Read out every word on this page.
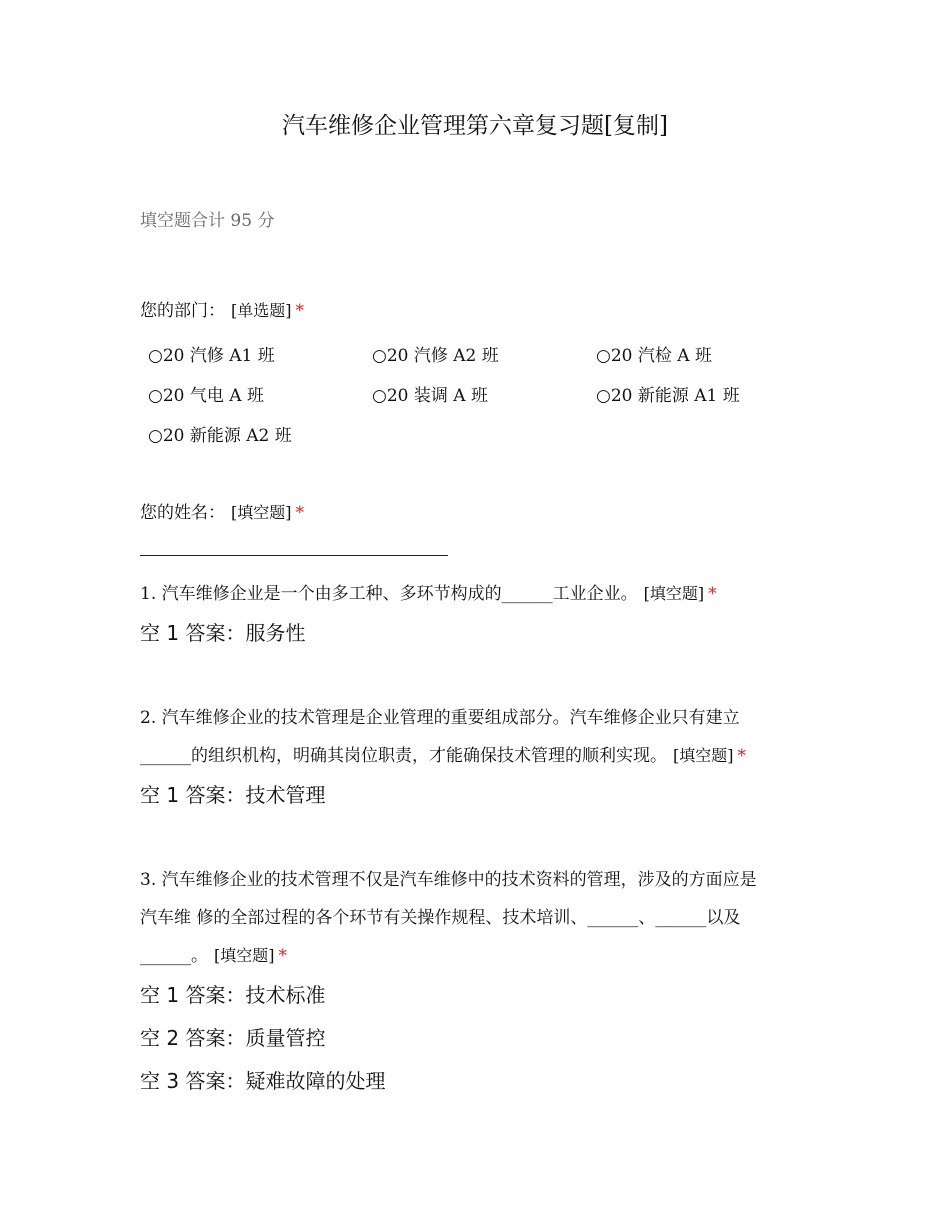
汽车维修企业管理第六章复习题[复制]
填空题合计 95 分
您的部门： [单选题] *
○20 汽修 A1 班	○20 汽修 A2 班	○20 汽检 A 班
○20 气电 A 班	○20 装调 A 班	○20 新能源 A1 班
○20 新能源 A2 班
您的姓名： [填空题] *
1. 汽车维修企业是一个由多工种、多环节构成的______工业企业。 [填空题] *
空 1 答案：服务性
2. 汽车维修企业的技术管理是企业管理的重要组成部分。汽车维修企业只有建立
______的组织机构，明确其岗位职责，才能确保技术管理的顺利实现。 [填空题] *
空 1 答案：技术管理
3. 汽车维修企业的技术管理不仅是汽车维修中的技术资料的管理，涉及的方面应是
汽车维 修的全部过程的各个环节有关操作规程、技术培训、______、______以及
______。 [填空题] *
空 1 答案：技术标准
空 2 答案：质量管控
空 3 答案：疑难故障的处理
